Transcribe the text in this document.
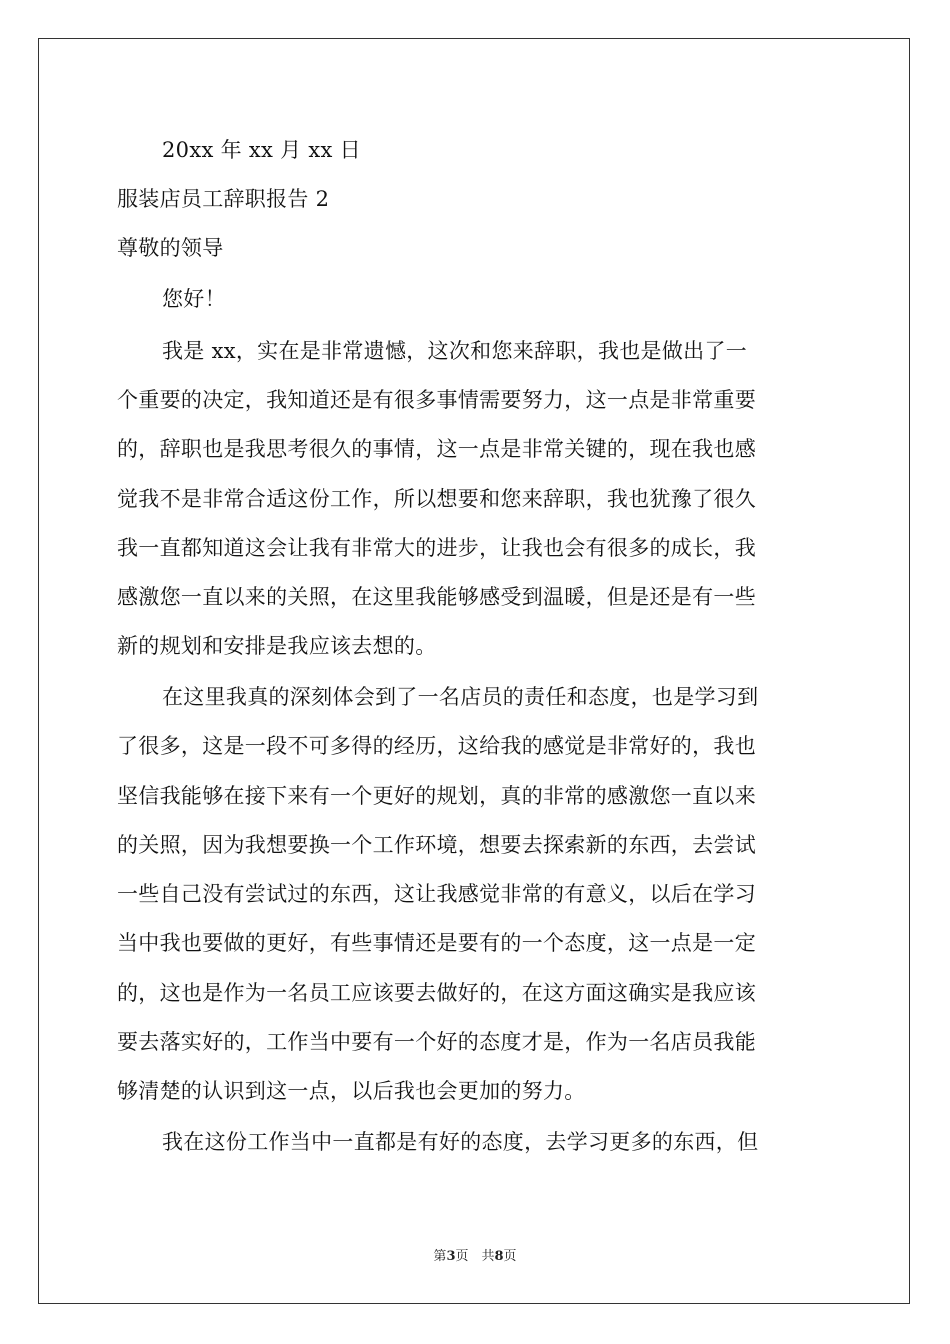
20xx 年 xx 月 xx 日
服装店员工辞职报告 2
尊敬的领导
您好！
我是 xx，实在是非常遗憾，这次和您来辞职，我也是做出了一
个重要的决定，我知道还是有很多事情需要努力，这一点是非常重要
的，辞职也是我思考很久的事情，这一点是非常关键的，现在我也感
觉我不是非常合适这份工作，所以想要和您来辞职，我也犹豫了很久
我一直都知道这会让我有非常大的进步，让我也会有很多的成长，我
感激您一直以来的关照，在这里我能够感受到温暖，但是还是有一些
新的规划和安排是我应该去想的。
在这里我真的深刻体会到了一名店员的责任和态度，也是学习到
了很多，这是一段不可多得的经历，这给我的感觉是非常好的，我也
坚信我能够在接下来有一个更好的规划，真的非常的感激您一直以来
的关照，因为我想要换一个工作环境，想要去探索新的东西，去尝试
一些自己没有尝试过的东西，这让我感觉非常的有意义，以后在学习
当中我也要做的更好，有些事情还是要有的一个态度，这一点是一定
的，这也是作为一名员工应该要去做好的，在这方面这确实是我应该
要去落实好的，工作当中要有一个好的态度才是，作为一名店员我能
够清楚的认识到这一点，以后我也会更加的努力。
我在这份工作当中一直都是有好的态度，去学习更多的东西，但
第3页　共8页
